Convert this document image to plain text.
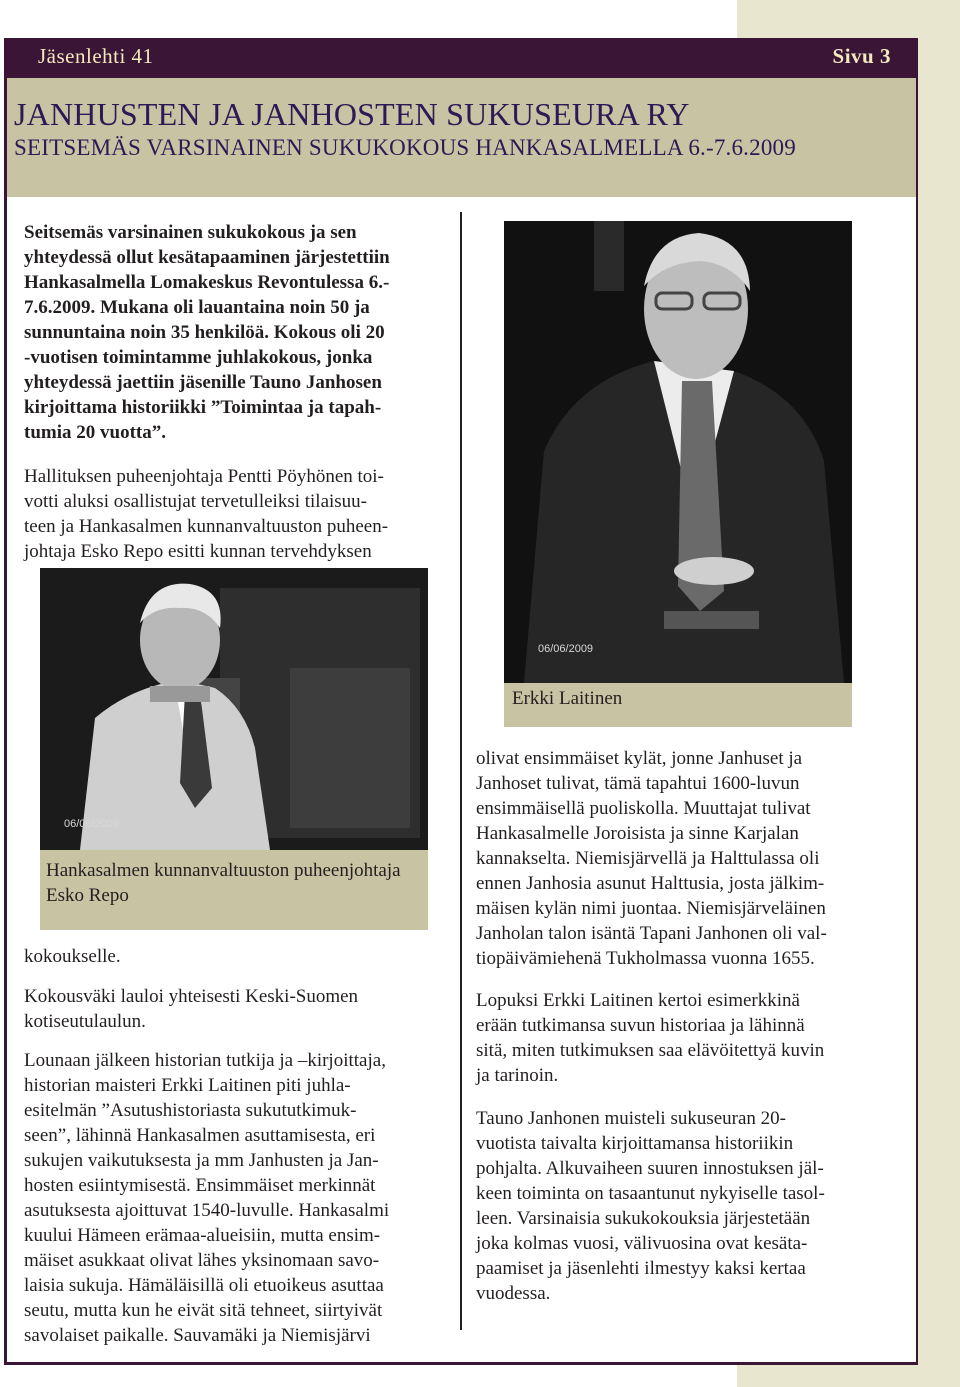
Jäsenlehti 41	Sivu 3
JANHUSTEN JA JANHOSTEN SUKUSEURA RY
SEITSEMÄS VARSINAINEN SUKUKOKOUS HANKASALMELLA 6.-7.6.2009
Seitsemäs varsinainen sukukokous ja sen
yhteydessä ollut kesätapaaminen järjestettiin
Hankasalmella Lomakeskus Revontulessa 6.-
7.6.2009. Mukana oli lauantaina noin 50 ja
sunnuntaina noin 35 henkilöä. Kokous oli 20
-vuotisen toimintamme juhlakokous, jonka
yhteydessä jaettiin jäsenille Tauno Janhosen
kirjoittama historiikki ”Toimintaa ja tapah-
tumia 20 vuotta”.
Hallituksen puheenjohtaja Pentti Pöyhönen toi-
votti aluksi osallistujat tervetulleiksi tilaisuu-
teen ja Hankasalmen kunnanvaltuuston puheen-
johtaja Esko Repo esitti kunnan tervehdyksen
06/06/2009
Hankasalmen kunnanvaltuuston puheenjohtaja
Esko Repo
kokoukselle.
Kokousväki lauloi yhteisesti Keski-Suomen
kotiseutulaulun.
Lounaan jälkeen historian tutkija ja –kirjoittaja,
historian maisteri Erkki Laitinen piti juhla-
esitelmän ”Asutushistoriasta sukututkimuk-
seen”, lähinnä Hankasalmen asuttamisesta, eri
sukujen vaikutuksesta ja mm Janhusten ja Jan-
hosten esiintymisestä. Ensimmäiset merkinnät
asutuksesta ajoittuvat 1540-luvulle. Hankasalmi
kuului Hämeen erämaa-alueisiin, mutta ensim-
mäiset asukkaat olivat lähes yksinomaan savo-
laisia sukuja. Hämäläisillä oli etuoikeus asuttaa
seutu, mutta kun he eivät sitä tehneet, siirtyivät
savolaiset paikalle. Sauvamäki ja Niemisjärvi
06/06/2009
Erkki Laitinen
olivat ensimmäiset kylät, jonne Janhuset ja
Janhoset tulivat, tämä tapahtui 1600-luvun
ensimmäisellä puoliskolla. Muuttajat tulivat
Hankasalmelle Joroisista ja sinne Karjalan
kannakselta. Niemisjärvellä ja Halttulassa oli
ennen Janhosia asunut Halttusia, josta jälkim-
mäisen kylän nimi juontaa. Niemisjärveläinen
Janholan talon isäntä Tapani Janhonen oli val-
tiopäivämiehenä Tukholmassa vuonna 1655.
Lopuksi Erkki Laitinen kertoi esimerkkinä
erään tutkimansa suvun historiaa ja lähinnä
sitä, miten tutkimuksen saa elävöitettyä kuvin
ja tarinoin.
Tauno Janhonen muisteli sukuseuran 20-
vuotista taivalta kirjoittamansa historiikin
pohjalta. Alkuvaiheen suuren innostuksen jäl-
keen toiminta on tasaantunut nykyiselle tasol-
leen. Varsinaisia sukukokouksia järjestetään
joka kolmas vuosi, välivuosina ovat kesäta-
paamiset ja jäsenlehti ilmestyy kaksi kertaa
vuodessa.
